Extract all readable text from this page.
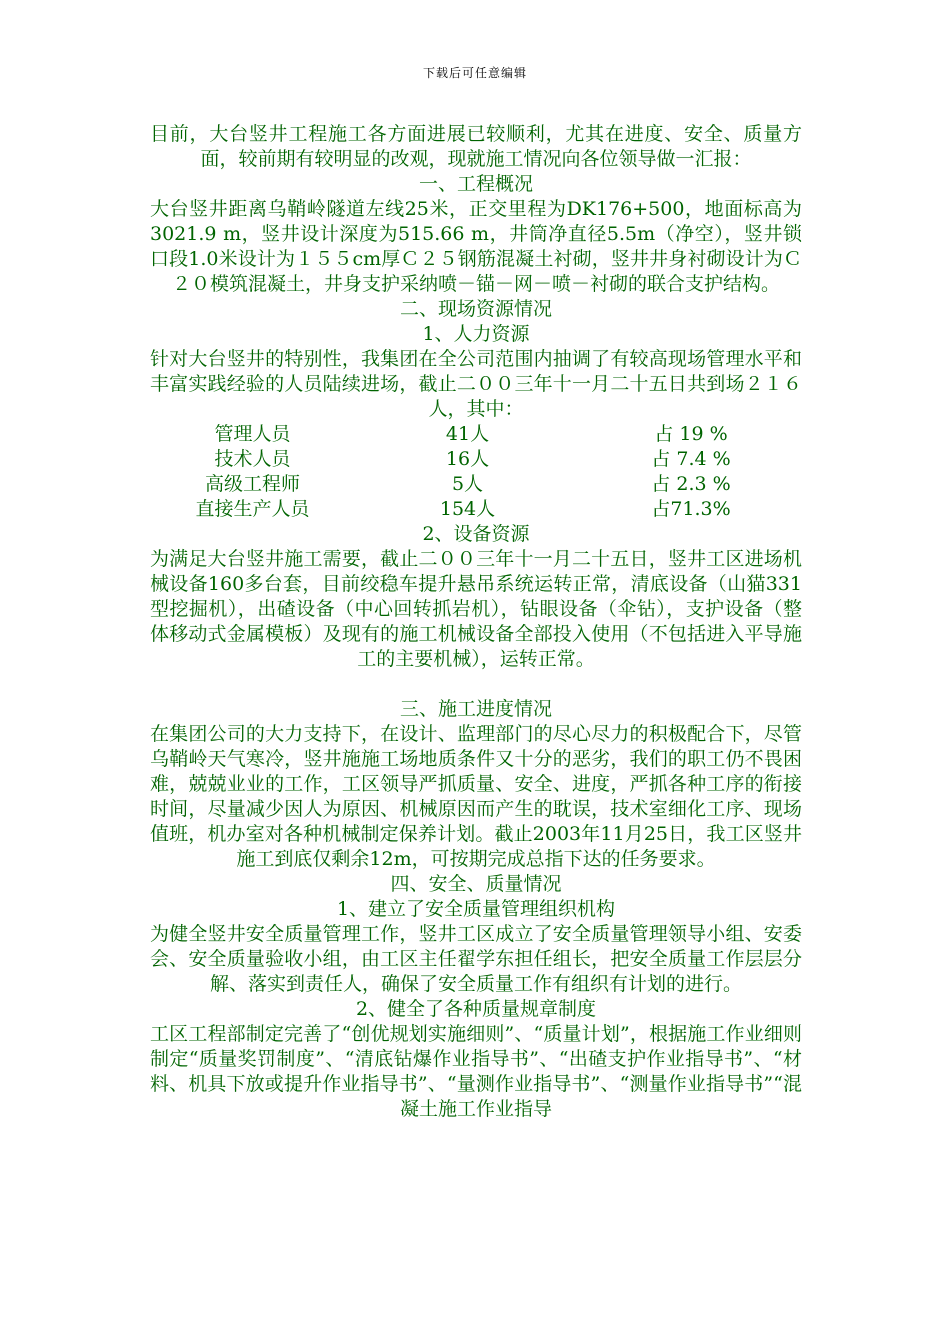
下载后可任意编辑

目前，大台竖井工程施工各方面进展已较顺利，尤其在进度、安全、质量方面，较前期有较明显的改观，现就施工情况向各位领导做一汇报：

一、工程概况

大台竖井距离乌鞘岭隧道左线25米，正交里程为DK176+500，地面标高为3021.9 m，竖井设计深度为515.66 m，井筒净直径5.5m（净空），竖井锁口段1.0米设计为１５５cm厚Ｃ２５钢筋混凝土衬砌，竖井井身衬砌设计为Ｃ２０模筑混凝土，井身支护采纳喷－锚－网－喷－衬砌的联合支护结构。

二、现场资源情况

1、人力资源

针对大台竖井的特别性，我集团在全公司范围内抽调了有较高现场管理水平和丰富实践经验的人员陆续进场，截止二００三年十一月二十五日共到场２１６人，其中：

管理人员	41人	占 19 %
技术人员	16人	占 7.4 %
高级工程师	5人	占 2.3 %
直接生产人员	154人	占71.3%

2、设备资源

为满足大台竖井施工需要，截止二００三年十一月二十五日，竖井工区进场机械设备160多台套，目前绞稳车提升悬吊系统运转正常，清底设备（山猫331型挖掘机），出碴设备（中心回转抓岩机），钻眼设备（伞钻），支护设备（整体移动式金属模板）及现有的施工机械设备全部投入使用（不包括进入平导施工的主要机械），运转正常。

三、施工进度情况

在集团公司的大力支持下，在设计、监理部门的尽心尽力的积极配合下，尽管乌鞘岭天气寒冷，竖井施施工场地质条件又十分的恶劣，我们的职工仍不畏困难，兢兢业业的工作，工区领导严抓质量、安全、进度，严抓各种工序的衔接时间，尽量减少因人为原因、机械原因而产生的耽误，技术室细化工序、现场值班，机办室对各种机械制定保养计划。截止2003年11月25日，我工区竖井施工到底仅剩余12m，可按期完成总指下达的任务要求。

四、安全、质量情况

1、建立了安全质量管理组织机构

为健全竖井安全质量管理工作，竖井工区成立了安全质量管理领导小组、安委会、安全质量验收小组，由工区主任翟学东担任组长，把安全质量工作层层分解、落实到责任人，确保了安全质量工作有组织有计划的进行。

2、健全了各种质量规章制度

工区工程部制定完善了“创优规划实施细则”、“质量计划”，根据施工作业细则制定“质量奖罚制度”、“清底钻爆作业指导书”、“出碴支护作业指导书”、“材料、机具下放或提升作业指导书”、“量测作业指导书”、“测量作业指导书”“混凝土施工作业指导
